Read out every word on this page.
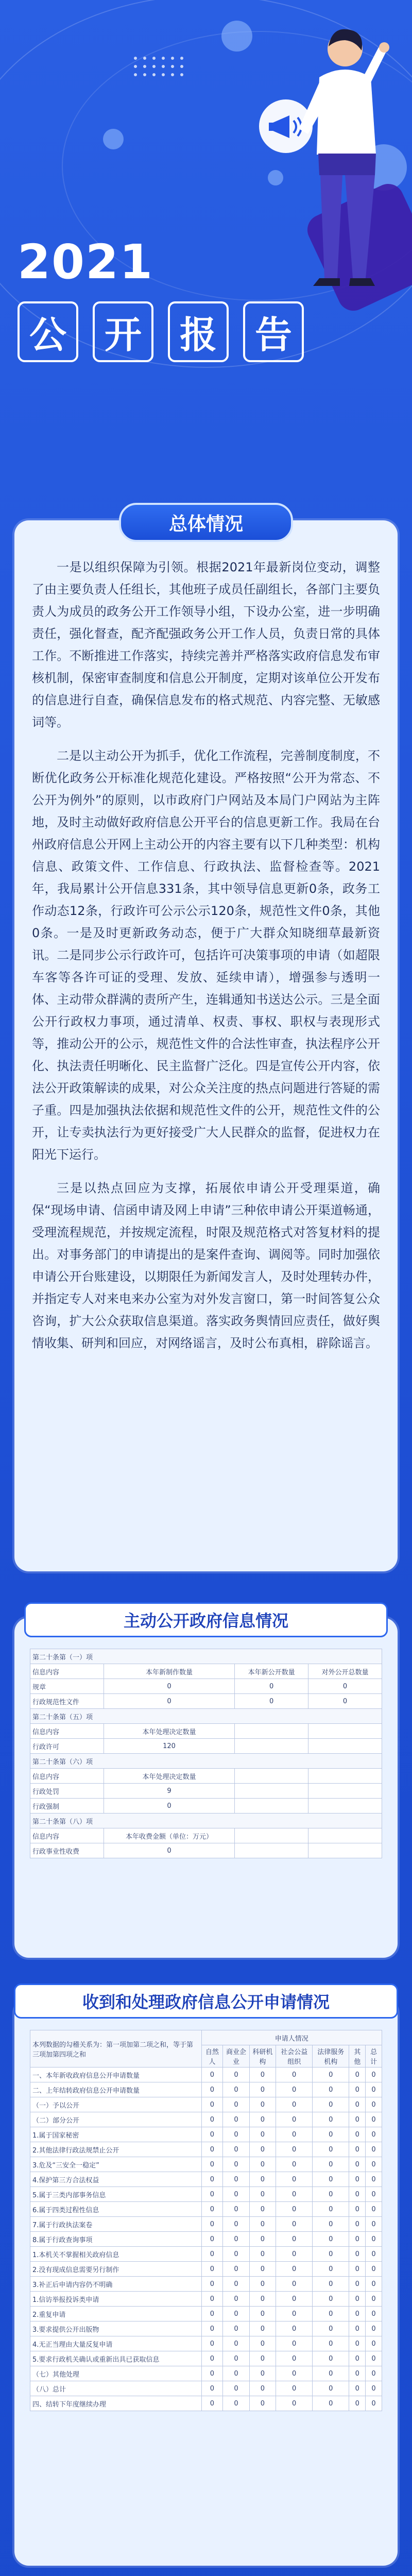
2021
公	开	报	告
总体情况

一是以组织保障为引领。根据2021年最新岗位变动，调整了由主要负责人任组长，其他班子成员任副组长，各部门主要负责人为成员的政务公开工作领导小组，下设办公室，进一步明确责任，强化督查，配齐配强政务公开工作人员，负责日常的具体工作。不断推进工作落实，持续完善并严格落实政府信息发布审核机制，保密审查制度和信息公开制度，定期对该单位公开发布的信息进行自查，确保信息发布的格式规范、内容完整、无敏感词等。

二是以主动公开为抓手，优化工作流程，完善制度制度，不断优化政务公开标准化规范化建设。严格按照“公开为常态、不公开为例外”的原则，以市政府门户网站及本局门户网站为主阵地，及时主动做好政府信息公开平台的信息更新工作。我局在台州政府信息公开网上主动公开的内容主要有以下几种类型：机构信息、政策文件、工作信息、行政执法、监督检查等。2021年，我局累计公开信息331条，其中领导信息更新0条，政务工作动态12条，行政许可公示公示120条，规范性文件0条，其他0条。一是及时更新政务动态，便于广大群众知晓细草最新资讯。二是同步公示行政许可，包括许可决策事项的申请（如超限车客等各许可证的受理、发放、延续申请），增强参与透明一体、主动带众群满的责所产生，连辑通知书送达公示。三是全面公开行政权力事项，通过清单、权责、事权、职权与表现形式等，推动公开的公示，规范性文件的合法性审查，执法程序公开化、执法责任明晰化、民主监督广泛化。四是宣传公开内容，依法公开政策解读的成果，对公众关注度的热点问题进行答疑的需子重。四是加强执法依据和规范性文件的公开，规范性文件的公开，让专卖执法行为更好接受广大人民群众的监督，促进权力在阳光下运行。

三是以热点回应为支撑，拓展依申请公开受理渠道，确保“现场申请、信函申请及网上申请”三种依申请公开渠道畅通，受理流程规范，并按规定流程，时限及规范格式对答复材料的提出。对事务部门的申请提出的是案件查询、调阅等。同时加强依申请公开台账建设，以期限任为新闻发言人，及时处理转办件，并指定专人对来电来办公室为对外发言窗口，第一时间答复公众咨询，扩大公众获取信息渠道。落实政务舆情回应责任，做好舆情收集、研判和回应，对网络谣言，及时公布真相，辟除谣言。

主动公开政府信息情况
第二十条第（一）项			
信息内容	本年新制作数量	本年新公开数量	对外公开总数量
规章	0	0	0
行政规范性文件	0	0	0
第二十条第（五）项			
信息内容	本年处理决定数量		
行政许可	120		
第二十条第（六）项			
信息内容	本年处理决定数量		
行政处罚	9		
行政强制	0		
第二十条第（八）项			
信息内容	本年收费金额（单位：万元）		
行政事业性收费	0		
收到和处理政府信息公开申请情况
本列数据的勾稽关系为：第一项加第二项之和，等于第三项加第四项之和	申请人情况						
	自然人	商业企业	科研机构	社会公益组织	法律服务机构	其他	总计
一、本年新收政府信息公开申请数量	0	0	0	0	0	0	0
二、上年结转政府信息公开申请数量	0	0	0	0	0	0	0
（一）予以公开	0	0	0	0	0	0	0
（二）部分公开	0	0	0	0	0	0	0
1.属于国家秘密	0	0	0	0	0	0	0
2.其他法律行政法规禁止公开	0	0	0	0	0	0	0
3.危及“三安全一稳定”	0	0	0	0	0	0	0
4.保护第三方合法权益	0	0	0	0	0	0	0
5.属于三类内部事务信息	0	0	0	0	0	0	0
6.属于四类过程性信息	0	0	0	0	0	0	0
7.属于行政执法案卷	0	0	0	0	0	0	0
8.属于行政查询事项	0	0	0	0	0	0	0
1.本机关不掌握相关政府信息	0	0	0	0	0	0	0
2.没有现成信息需要另行制作	0	0	0	0	0	0	0
3.补正后申请内容仍不明确	0	0	0	0	0	0	0
1.信访举报投诉类申请	0	0	0	0	0	0	0
2.重复申请	0	0	0	0	0	0	0
3.要求提供公开出版物	0	0	0	0	0	0	0
4.无正当理由大量反复申请	0	0	0	0	0	0	0
5.要求行政机关确认或重新出具已获取信息	0	0	0	0	0	0	0
（七）其他处理	0	0	0	0	0	0	0
（八）总计	0	0	0	0	0	0	0
四、结转下年度继续办理	0	0	0	0	0	0	0
